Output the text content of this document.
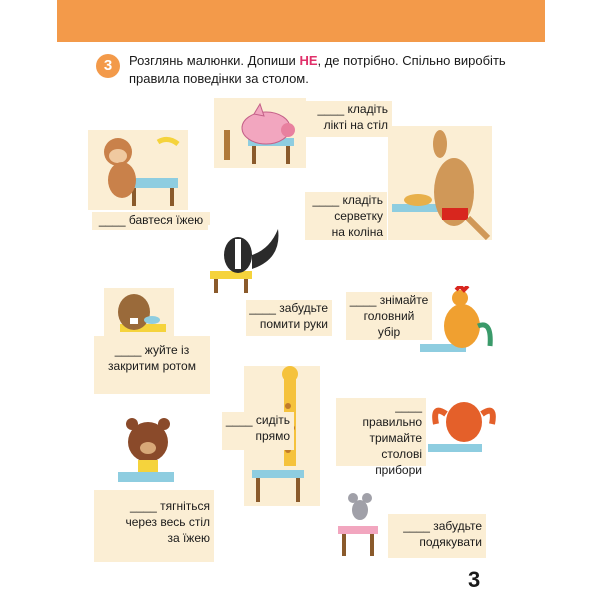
3	Розглянь малюнки. Допиши НЕ, де потрібно. Спільно виробіть правила поведінки за столом.
____ кладіть
лікті на стіл
____ бавтеся їжею
____ кладіть
серветку
на коліна
____ забудьте
помити руки
____ жуйте із
закритим ротом
____ знімайте
головний
убір
____ сидіть
прямо
____ тягніться
через весь стіл
за їжею
____ правильно
тримайте
столові
прибори
____ забудьте
подякувати
3
